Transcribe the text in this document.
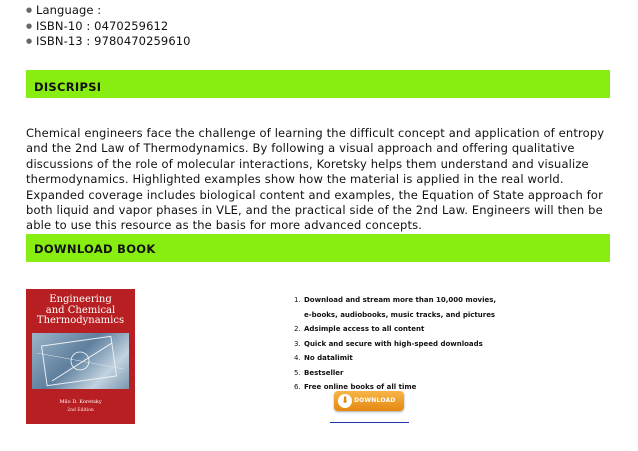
● Language :
● ISBN-10 : 0470259612
● ISBN-13 : 9780470259610
DISCRIPSI

Chemical engineers face the challenge of learning the difficult concept and application of entropy and the 2nd Law of Thermodynamics. By following a visual approach and offering qualitative discussions of the role of molecular interactions, Koretsky helps them understand and visualize thermodynamics. Highlighted examples show how the material is applied in the real world. Expanded coverage includes biological content and examples, the Equation of State approach for both liquid and vapor phases in VLE, and the practical side of the 2nd Law. Engineers will then be able to use this resource as the basis for more advanced concepts.

DOWNLOAD BOOK
Engineering
and Chemical
Thermodynamics
Milo D. Koretsky
2nd Edition
1. Download and stream more than 10,000 movies,
e-books, audiobooks, music tracks, and pictures
2. Adsimple access to all content
3. Quick and secure with high-speed downloads
4. No datalimit
5. Bestseller
6. Free online books of all time
⬇ DOWNLOAD
